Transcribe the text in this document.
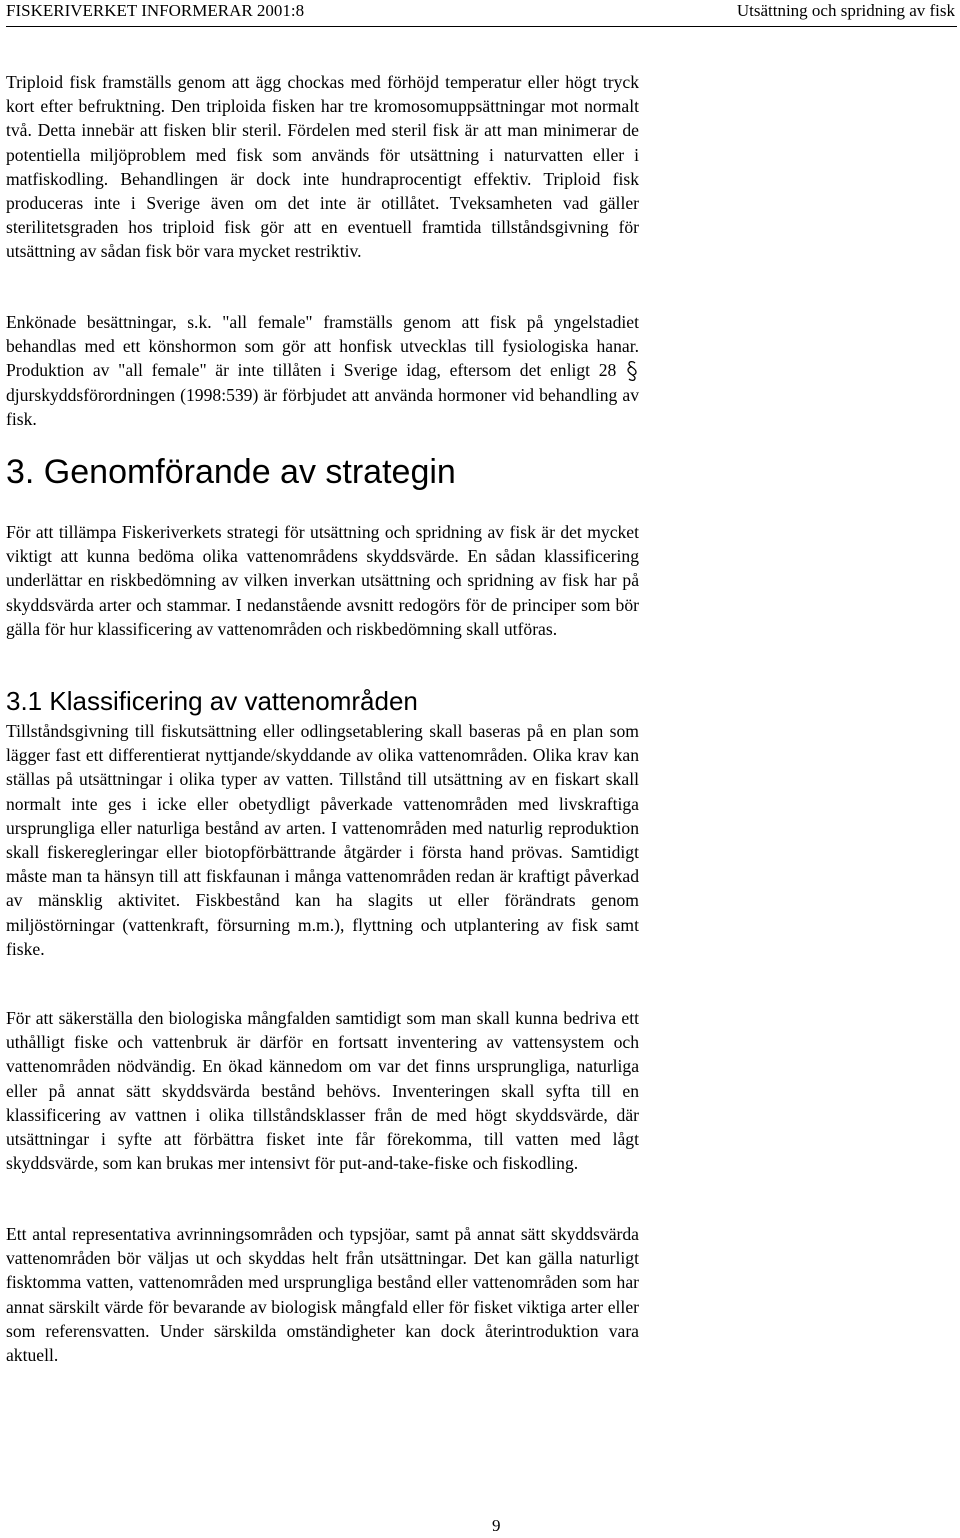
FISKERIVERKET INFORMERAR 2001:8	Utsättning och spridning av fisk

Triploid fisk framställs genom att ägg chockas med förhöjd temperatur eller högt tryck kort efter befruktning. Den triploida fisken har tre kromosomuppsättningar mot normalt två. Detta innebär att fisken blir steril. Fördelen med steril fisk är att man minimerar de potentiella miljöproblem med fisk som används för utsättning i naturvatten eller i matfiskodling. Behandlingen är dock inte hundraprocentigt effektiv. Triploid fisk produceras inte i Sverige även om det inte är otillåtet. Tveksamheten vad gäller sterilitetsgraden hos triploid fisk gör att en eventuell framtida tillståndsgivning för utsättning av sådan fisk bör vara mycket restriktiv.

Enkönade besättningar, s.k. "all female" framställs genom att fisk på yngelstadiet behandlas med ett könshormon som gör att honfisk utvecklas till fysiologiska hanar. Produktion av "all female" är inte tillåten i Sverige idag, eftersom det enligt 28  djurskyddsförordningen (1998:539) är förbjudet att använda hormoner vid behandling av fisk.

3. Genomförande av strategin

För att tillämpa Fiskeriverkets strategi för utsättning och spridning av fisk är det mycket viktigt att kunna bedöma olika vattenområdens skyddsvärde. En sådan klassificering underlättar en riskbedömning av vilken inverkan utsättning och spridning av fisk har på skyddsvärda arter och stammar. I nedanstående avsnitt redogörs för de principer som bör gälla för hur klassificering av vattenområden och riskbedömning skall utföras.

3.1 Klassificering av vattenområden

Tillståndsgivning till fiskutsättning eller odlingsetablering skall baseras på en plan som lägger fast ett differentierat nyttjande/skyddande av olika vattenområden. Olika krav kan ställas på utsättningar i olika typer av vatten. Tillstånd till utsättning av en fiskart skall normalt inte ges i icke eller obetydligt påverkade vattenområden med livskraftiga ursprungliga eller naturliga bestånd av arten. I vattenområden med naturlig reproduktion skall fiskeregleringar eller biotopförbättrande åtgärder i första hand prövas. Samtidigt måste man ta hänsyn till att fiskfaunan i många vattenområden redan är kraftigt påverkad av mänsklig aktivitet. Fiskbestånd kan ha slagits ut eller förändrats genom miljöstörningar (vattenkraft, försurning m.m.), flyttning och utplantering av fisk samt fiske.

För att säkerställa den biologiska mångfalden samtidigt som man skall kunna bedriva ett uthålligt fiske och vattenbruk är därför en fortsatt inventering av vattensystem och vattenområden nödvändig. En ökad kännedom om var det finns ursprungliga, naturliga eller på annat sätt skyddsvärda bestånd behövs. Inventeringen skall syfta till en klassificering av vattnen i olika tillståndsklasser från de med högt skyddsvärde, där utsättningar i syfte att förbättra fisket inte får förekomma, till vatten med lågt skyddsvärde, som kan brukas mer intensivt för put-and-take-fiske och fiskodling.

Ett antal representativa avrinningsområden och typsjöar, samt på annat sätt skyddsvärda vattenområden bör väljas ut och skyddas helt från utsättningar. Det kan gälla naturligt fisktomma vatten, vattenområden med ursprungliga bestånd eller vattenområden som har annat särskilt värde för bevarande av biologisk mångfald eller för fisket viktiga arter eller som referensvatten. Under särskilda omständigheter kan dock återintroduktion vara aktuell.

9
